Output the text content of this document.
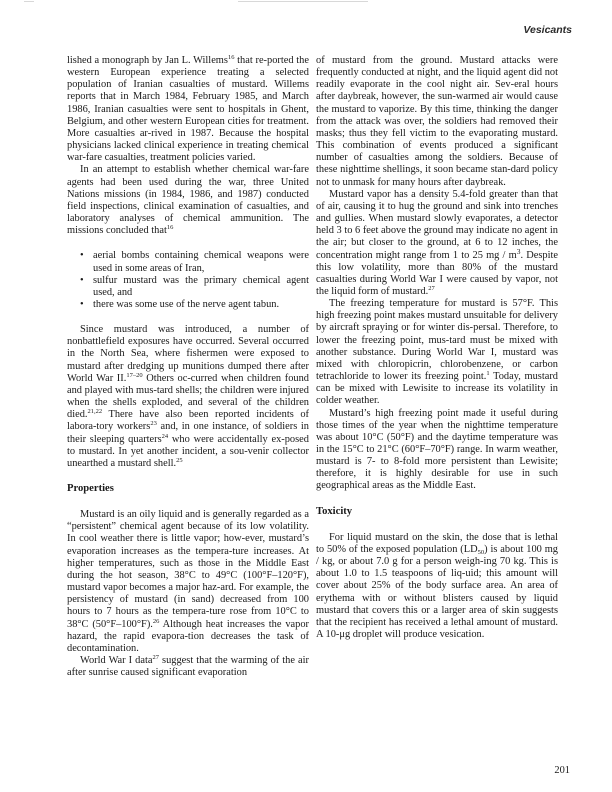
Vesicants

lished a monograph by Jan L. Willems$^{16}$ that re-ported the western European experience treating a selected population of Iranian casualties of mustard. Willems reports that in March 1984, February 1985, and March 1986, Iranian casualties were sent to hospitals in Ghent, Belgium, and other western European cities for treatment. More casualties ar-rived in 1987. Because the hospital physicians lacked clinical experience in treating chemical war-fare casualties, treatment policies varied.

In an attempt to establish whether chemical war-fare agents had been used during the war, three United Nations missions (in 1984, 1986, and 1987) conducted field inspections, clinical examination of casualties, and laboratory analyses of chemical ammunition. The missions concluded that$^{16}$

• aerial bombs containing chemical weapons were used in some areas of Iran,
• sulfur mustard was the primary chemical agent used, and
• there was some use of the nerve agent tabun.

Since mustard was introduced, a number of nonbattlefield exposures have occurred. Several occurred in the North Sea, where fishermen were exposed to mustard after dredging up munitions dumped there after World War II.$^{17-20}$ Others oc-curred when children found and played with mus-tard shells; the children were injured when the shells exploded, and several of the children died.$^{21,22}$ There have also been reported incidents of labora-tory workers$^{23}$ and, in one instance, of soldiers in their sleeping quarters$^{24}$ who were accidentally ex-posed to mustard. In yet another incident, a sou-venir collector unearthed a mustard shell.$^{25}$

Properties

Mustard is an oily liquid and is generally regarded as a “persistent” chemical agent because of its low volatility. In cool weather there is little vapor; how-ever, mustard’s evaporation increases as the tempera-ture increases. At higher temperatures, such as those in the Middle East during the hot season, 38°C to 49°C (100°F–120°F), mustard vapor becomes a major haz-ard. For example, the persistency of mustard (in sand) decreased from 100 hours to 7 hours as the tempera-ture rose from 10°C to 38°C (50°F–100°F).$^{26}$ Although heat increases the vapor hazard, the rapid evapora-tion decreases the task of decontamination.

World War I data$^{27}$ suggest that the warming of the air after sunrise caused significant evaporation

of mustard from the ground. Mustard attacks were frequently conducted at night, and the liquid agent did not readily evaporate in the cool night air. Sev-eral hours after daybreak, however, the sun-warmed air would cause the mustard to vaporize. By this time, thinking the danger from the attack was over, the soldiers had removed their masks; thus they fell victim to the evaporating mustard. This combination of events produced a significant number of casualties among the soldiers. Because of these nighttime shellings, it soon became stan-dard policy not to unmask for many hours after daybreak.

Mustard vapor has a density 5.4-fold greater than that of air, causing it to hug the ground and sink into trenches and gullies. When mustard slowly evaporates, a detector held 3 to 6 feet above the ground may indicate no agent in the air; but closer to the ground, at 6 to 12 inches, the concentration might range from 1 to 25 mg / $m^3$. Despite this low volatility, more than 80% of the mustard casualties during World War I were caused by vapor, not the liquid form of mustard.$^{27}$

The freezing temperature for mustard is 57°F. This high freezing point makes mustard unsuitable for delivery by aircraft spraying or for winter dis-persal. Therefore, to lower the freezing point, mus-tard must be mixed with another substance. During World War I, mustard was mixed with chloropicrin, chlorobenzene, or carbon tetrachloride to lower its freezing point.$^1$ Today, mustard can be mixed with Lewisite to increase its volatility in colder weather.

Mustard’s high freezing point made it useful during those times of the year when the nighttime temperature was about 10°C (50°F) and the daytime temperature was in the 15°C to 21°C (60°F–70°F) range. In warm weather, mustard is 7- to 8-fold more persistent than Lewisite; therefore, it is highly desirable for use in such geographical areas as the Middle East.

Toxicity

For liquid mustard on the skin, the dose that is lethal to 50% of the exposed population $(LD_{50})$ is about 100 mg / kg, or about 7.0 g for a person weigh-ing 70 kg. This is about 1.0 to 1.5 teaspoons of liq-uid; this amount will cover about 25% of the body surface area. An area of erythema with or without blisters caused by liquid mustard that covers this or a larger area of skin suggests that the recipient has received a lethal amount of mustard. A 10-μg droplet will produce vesication.

201
